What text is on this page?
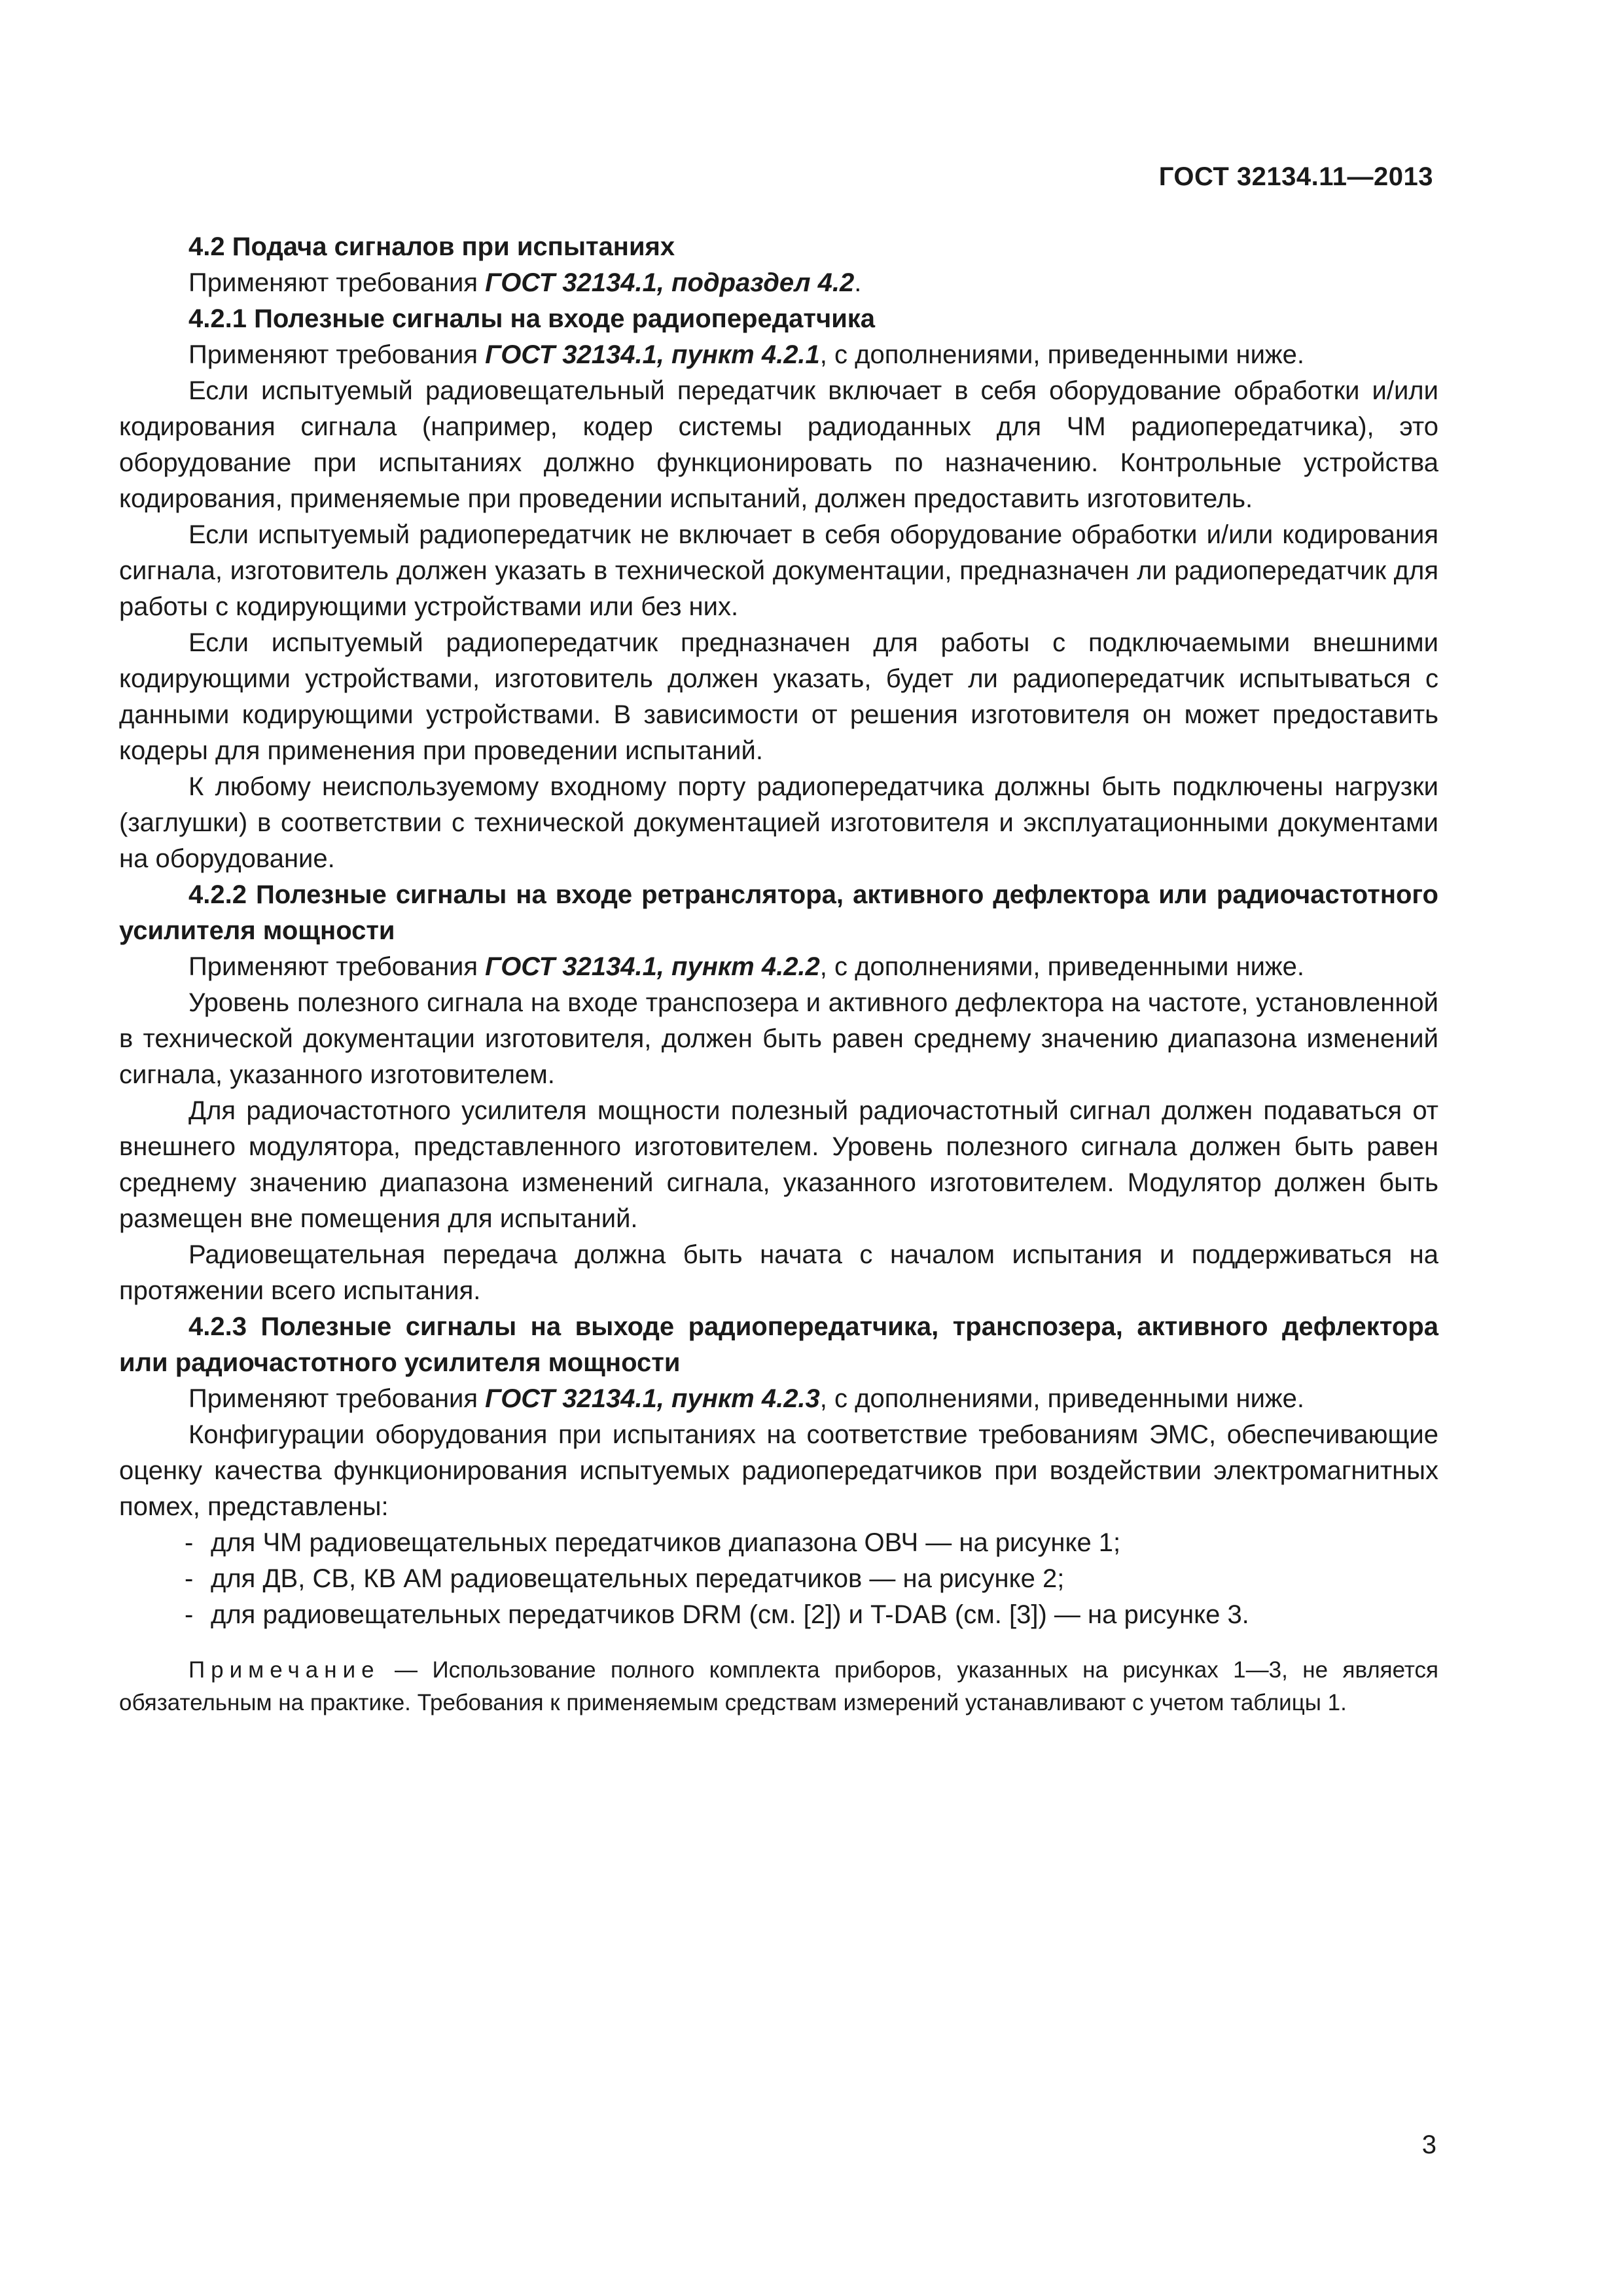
ГОСТ 32134.11—2013

4.2 Подача сигналов при испытаниях

Применяют требования ГОСТ 32134.1, подраздел 4.2.

4.2.1 Полезные сигналы на входе радиопередатчика

Применяют требования ГОСТ 32134.1, пункт 4.2.1, с дополнениями, приведенными ниже.

Если испытуемый радиовещательный передатчик включает в себя оборудование обработки и/или кодирования сигнала (например, кодер системы радиоданных для ЧМ радиопередатчика), это оборудование при испытаниях должно функционировать по назначению. Контрольные устройства кодирования, применяемые при проведении испытаний, должен предоставить изготовитель.

Если испытуемый радиопередатчик не включает в себя оборудование обработки и/или кодирования сигнала, изготовитель должен указать в технической документации, предназначен ли радиопередатчик для работы с кодирующими устройствами или без них.

Если испытуемый радиопередатчик предназначен для работы с подключаемыми внешними кодирующими устройствами, изготовитель должен указать, будет ли радиопередатчик испытываться с данными кодирующими устройствами. В зависимости от решения изготовителя он может предоставить кодеры для применения при проведении испытаний.

К любому неиспользуемому входному порту радиопередатчика должны быть подключены нагрузки (заглушки) в соответствии с технической документацией изготовителя и эксплуатационными документами на оборудование.

4.2.2 Полезные сигналы на входе ретранслятора, активного дефлектора или радиочастотного усилителя мощности

Применяют требования ГОСТ 32134.1, пункт 4.2.2, с дополнениями, приведенными ниже.

Уровень полезного сигнала на входе транспозера и активного дефлектора на частоте, установленной в технической документации изготовителя, должен быть равен среднему значению диапазона изменений сигнала, указанного изготовителем.

Для радиочастотного усилителя мощности полезный радиочастотный сигнал должен подаваться от внешнего модулятора, представленного изготовителем. Уровень полезного сигнала должен быть равен среднему значению диапазона изменений сигнала, указанного изготовителем. Модулятор должен быть размещен вне помещения для испытаний.

Радиовещательная передача должна быть начата с началом испытания и поддерживаться на протяжении всего испытания.

4.2.3 Полезные сигналы на выходе радиопередатчика, транспозера, активного дефлектора или радиочастотного усилителя мощности

Применяют требования ГОСТ 32134.1, пункт 4.2.3, с дополнениями, приведенными ниже.

Конфигурации оборудования при испытаниях на соответствие требованиям ЭМС, обеспечивающие оценку качества функционирования испытуемых радиопередатчиков при воздействии электромагнитных помех, представлены:

- для ЧМ радиовещательных передатчиков диапазона ОВЧ — на рисунке 1;
- для ДВ, СВ, КВ АМ радиовещательных передатчиков — на рисунке 2;
- для радиовещательных передатчиков DRM (см. [2]) и T-DAB (см. [3]) — на рисунке 3.

Примечание — Использование полного комплекта приборов, указанных на рисунках 1—3, не является обязательным на практике. Требования к применяемым средствам измерений устанавливают с учетом таблицы 1.

3
